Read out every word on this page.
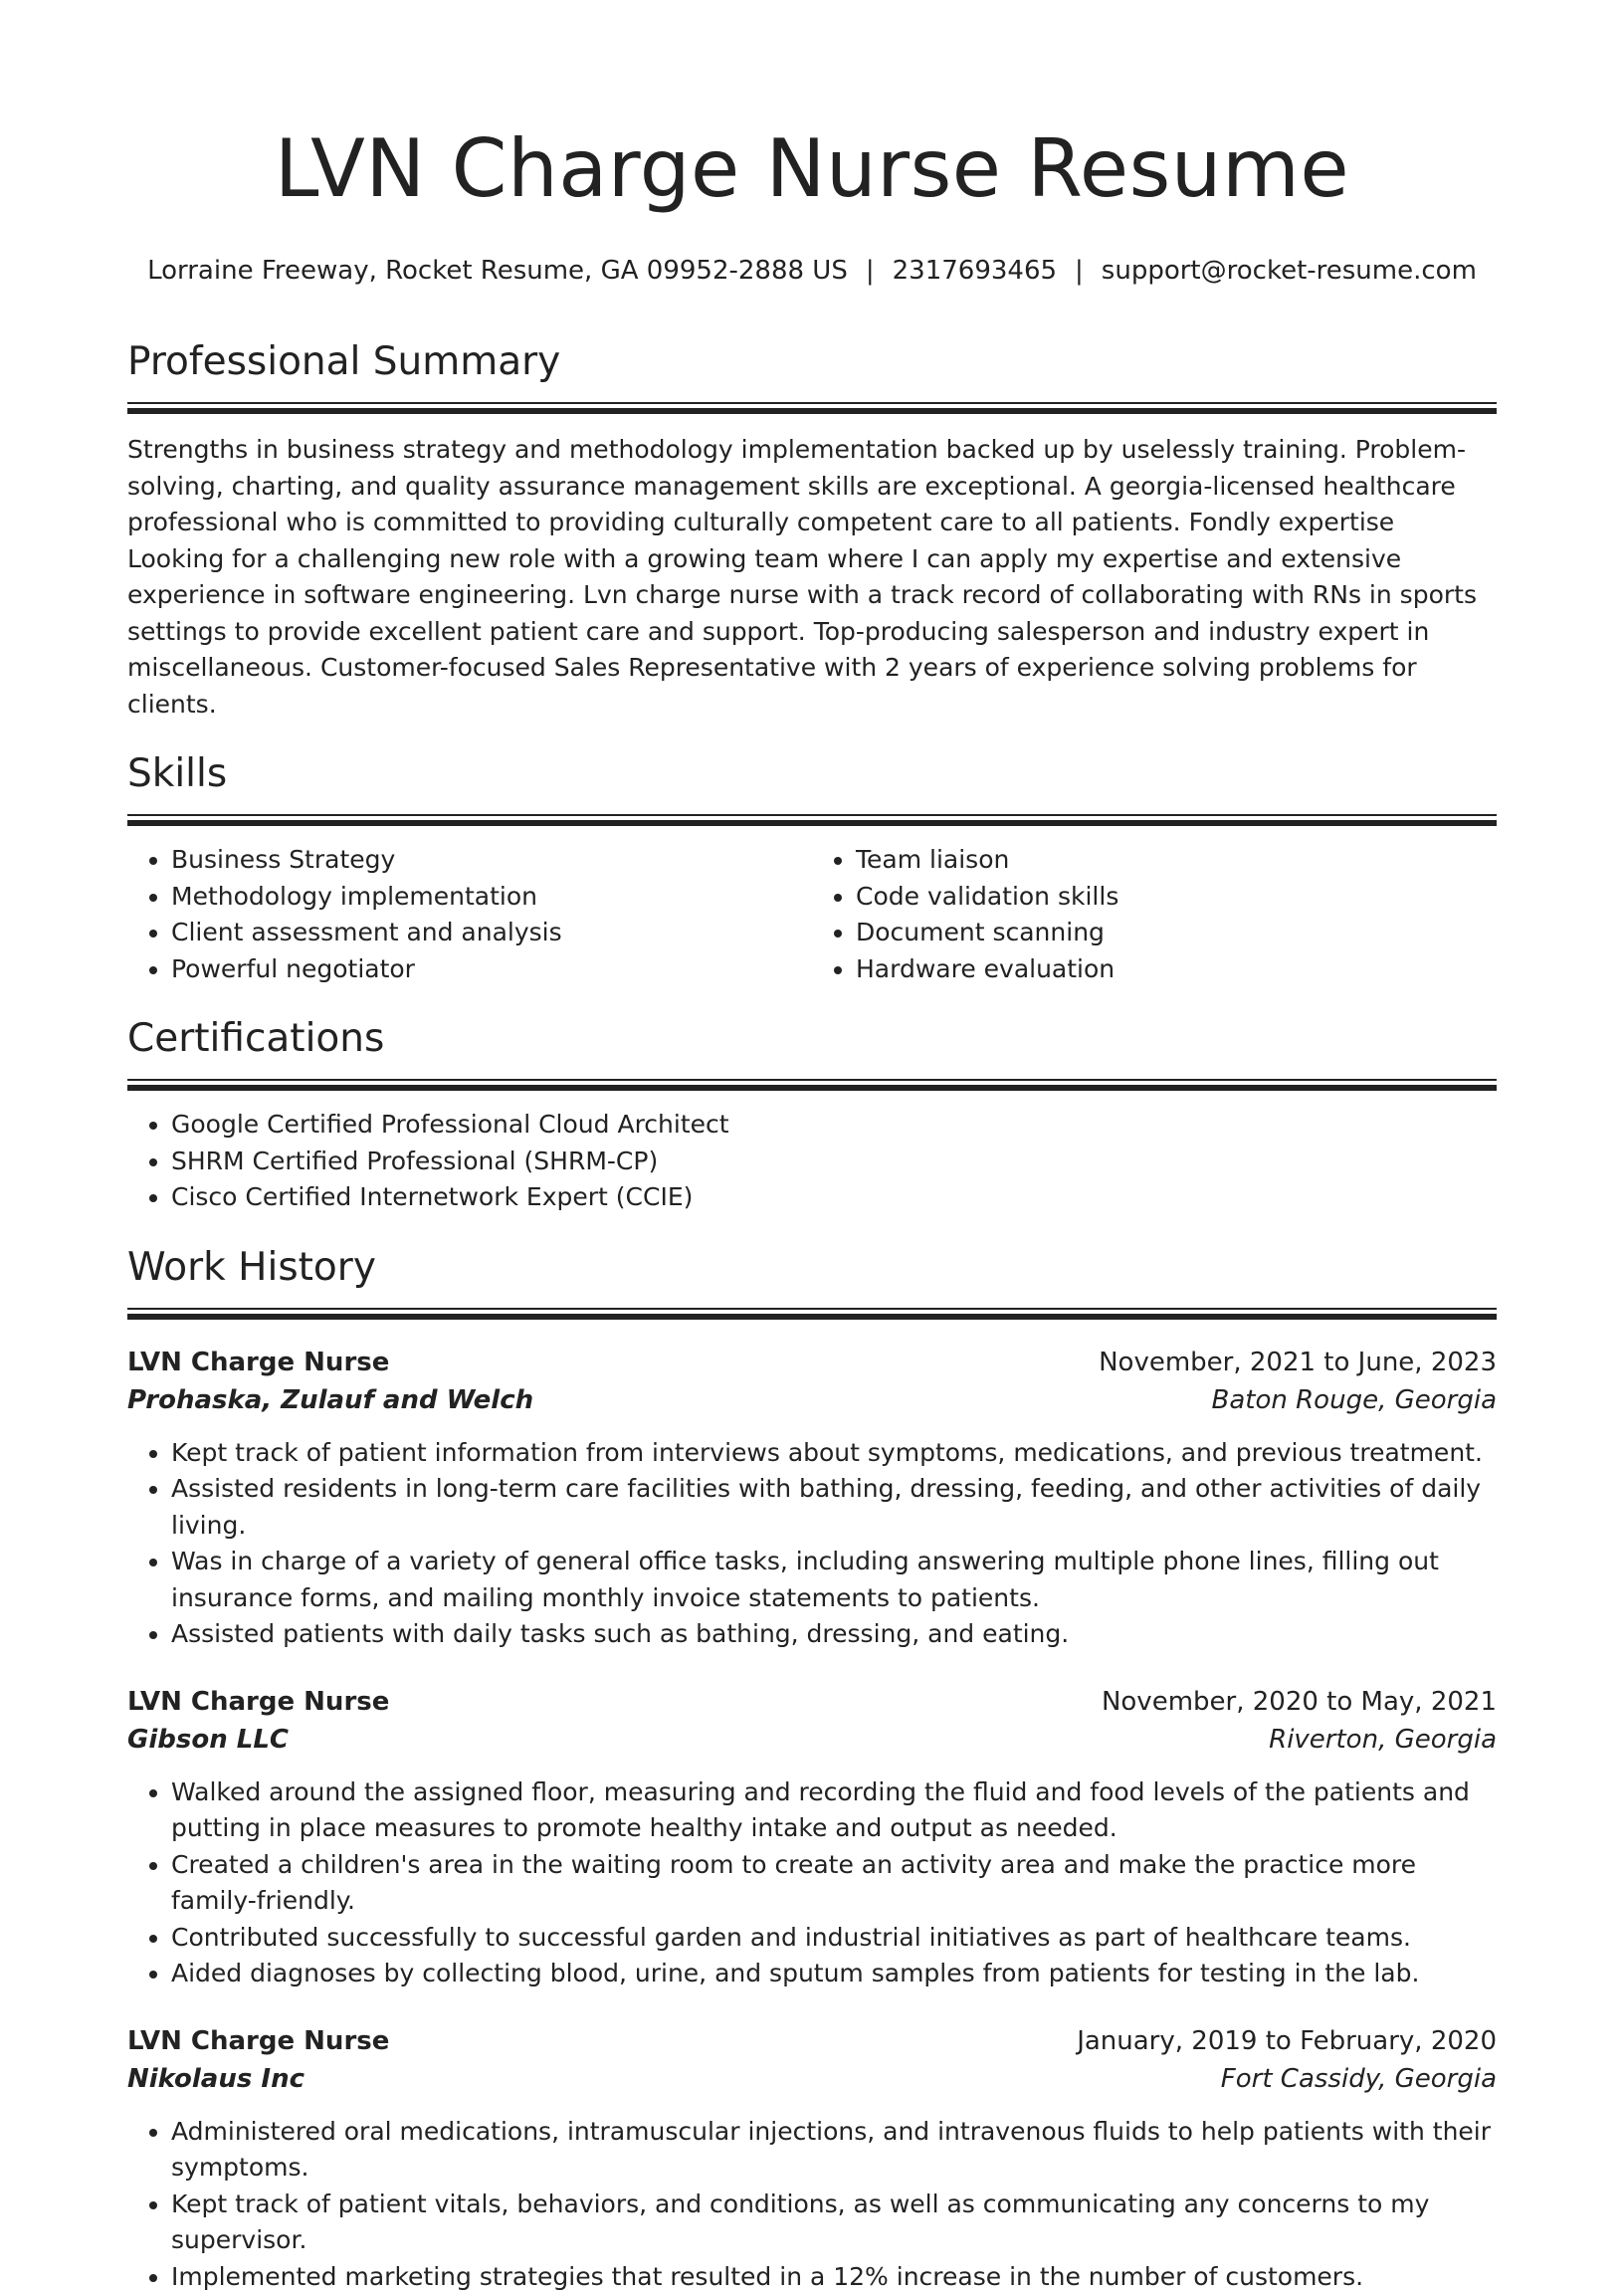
LVN Charge Nurse Resume
Lorraine Freeway, Rocket Resume, GA 09952-2888 US | 2317693465 | support@rocket-resume.com
Professional Summary

Strengths in business strategy and methodology implementation backed up by uselessly training. Problem-solving, charting, and quality assurance management skills are exceptional. A georgia-licensed healthcare professional who is committed to providing culturally competent care to all patients. Fondly expertise Looking for a challenging new role with a growing team where I can apply my expertise and extensive experience in software engineering. Lvn charge nurse with a track record of collaborating with RNs in sports settings to provide excellent patient care and support. Top-producing salesperson and industry expert in miscellaneous. Customer-focused Sales Representative with 2 years of experience solving problems for clients.

Skills
• Business Strategy
• Methodology implementation
• Client assessment and analysis
• Powerful negotiator
• Team liaison
• Code validation skills
• Document scanning
• Hardware evaluation
Certifications
• Google Certified Professional Cloud Architect
• SHRM Certified Professional (SHRM-CP)
• Cisco Certified Internetwork Expert (CCIE)
Work History
LVN Charge Nurse	November, 2021 to June, 2023
Prohaska, Zulauf and Welch	Baton Rouge, Georgia
• Kept track of patient information from interviews about symptoms, medications, and previous treatment.
• Assisted residents in long-term care facilities with bathing, dressing, feeding, and other activities of daily living.
• Was in charge of a variety of general office tasks, including answering multiple phone lines, filling out insurance forms, and mailing monthly invoice statements to patients.
• Assisted patients with daily tasks such as bathing, dressing, and eating.
LVN Charge Nurse	November, 2020 to May, 2021
Gibson LLC	Riverton, Georgia
• Walked around the assigned floor, measuring and recording the fluid and food levels of the patients and putting in place measures to promote healthy intake and output as needed.
• Created a children's area in the waiting room to create an activity area and make the practice more family-friendly.
• Contributed successfully to successful garden and industrial initiatives as part of healthcare teams.
• Aided diagnoses by collecting blood, urine, and sputum samples from patients for testing in the lab.
LVN Charge Nurse	January, 2019 to February, 2020
Nikolaus Inc	Fort Cassidy, Georgia
• Administered oral medications, intramuscular injections, and intravenous fluids to help patients with their symptoms.
• Kept track of patient vitals, behaviors, and conditions, as well as communicating any concerns to my supervisor.
• Implemented marketing strategies that resulted in a 12% increase in the number of customers.
